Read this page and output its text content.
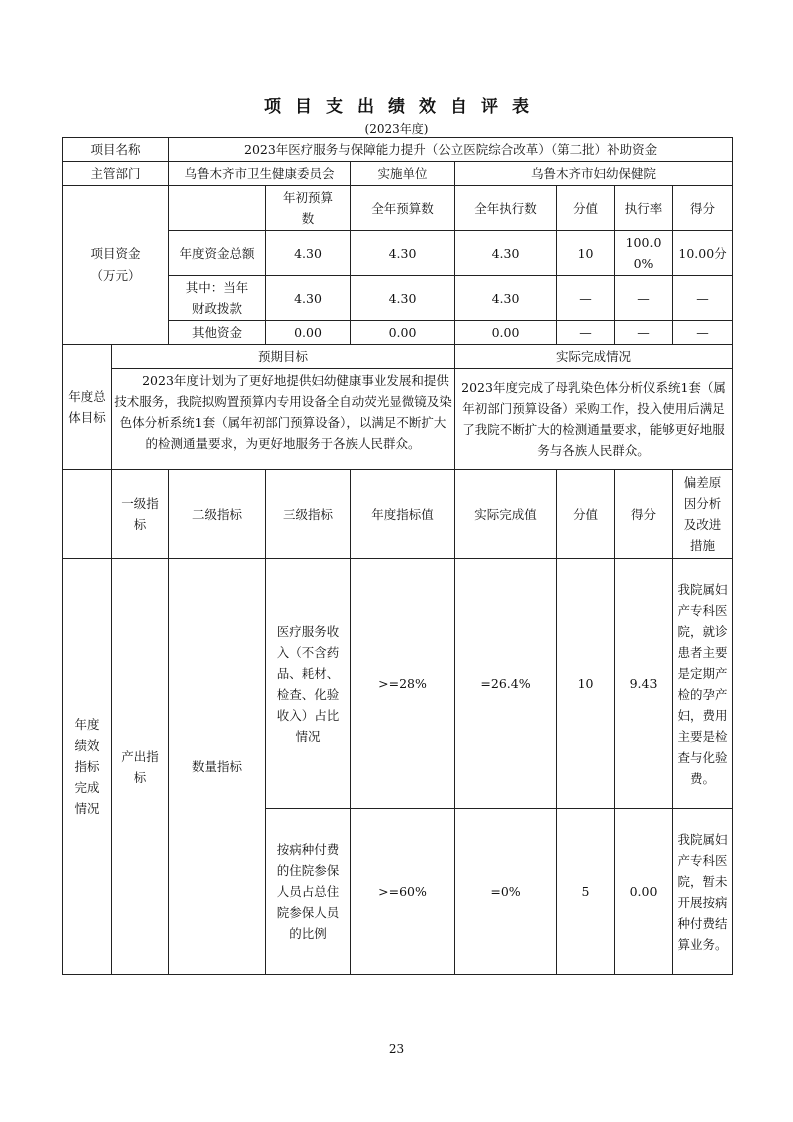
项目支出绩效自评表
(2023年度)
项目名称		2023年医疗服务与保障能力提升（公立医院综合改革）（第二批）补助资金						
主管部门		乌鲁木齐市卫生健康委员会		实施单位	乌鲁木齐市妇幼保健院			
项目资金（万元）			年初预算数	全年预算数	全年执行数	分值	执行率	得分
		年度资金总额	4.30	4.30	4.30	10	100.00%	10.00分
		其中：当年财政拨款	4.30	4.30	4.30	—	—	—
		其他资金	0.00	0.00	0.00	—	—	—
年度总体目标	预期目标				实际完成情况			
	2023年度计划为了更好地提供妇幼健康事业发展和提供技术服务，我院拟购置预算内专用设备全自动荧光显微镜及染色体分析系统1套（属年初部门预算设备），以满足不断扩大的检测通量要求，为更好地服务于各族人民群众。				2023年度完成了母乳染色体分析仪系统1套（属年初部门预算设备）采购工作，投入使用后满足了我院不断扩大的检测通量要求，能够更好地服务与各族人民群众。			
	一级指标	二级指标	三级指标	年度指标值	实际完成值	分值	得分	偏差原因分析及改进措施
年度绩效指标完成情况	产出指标	数量指标	医疗服务收入（不含药品、耗材、检查、化验收入）占比情况	>=28%	=26.4%	10	9.43	我院属妇产专科医院，就诊患者主要是定期产检的孕产妇，费用主要是检查与化验费。
			按病种付费的住院参保人员占总住院参保人员的比例	>=60%	=0%	5	0.00	我院属妇产专科医院，暂未开展按病种付费结算业务。
23
